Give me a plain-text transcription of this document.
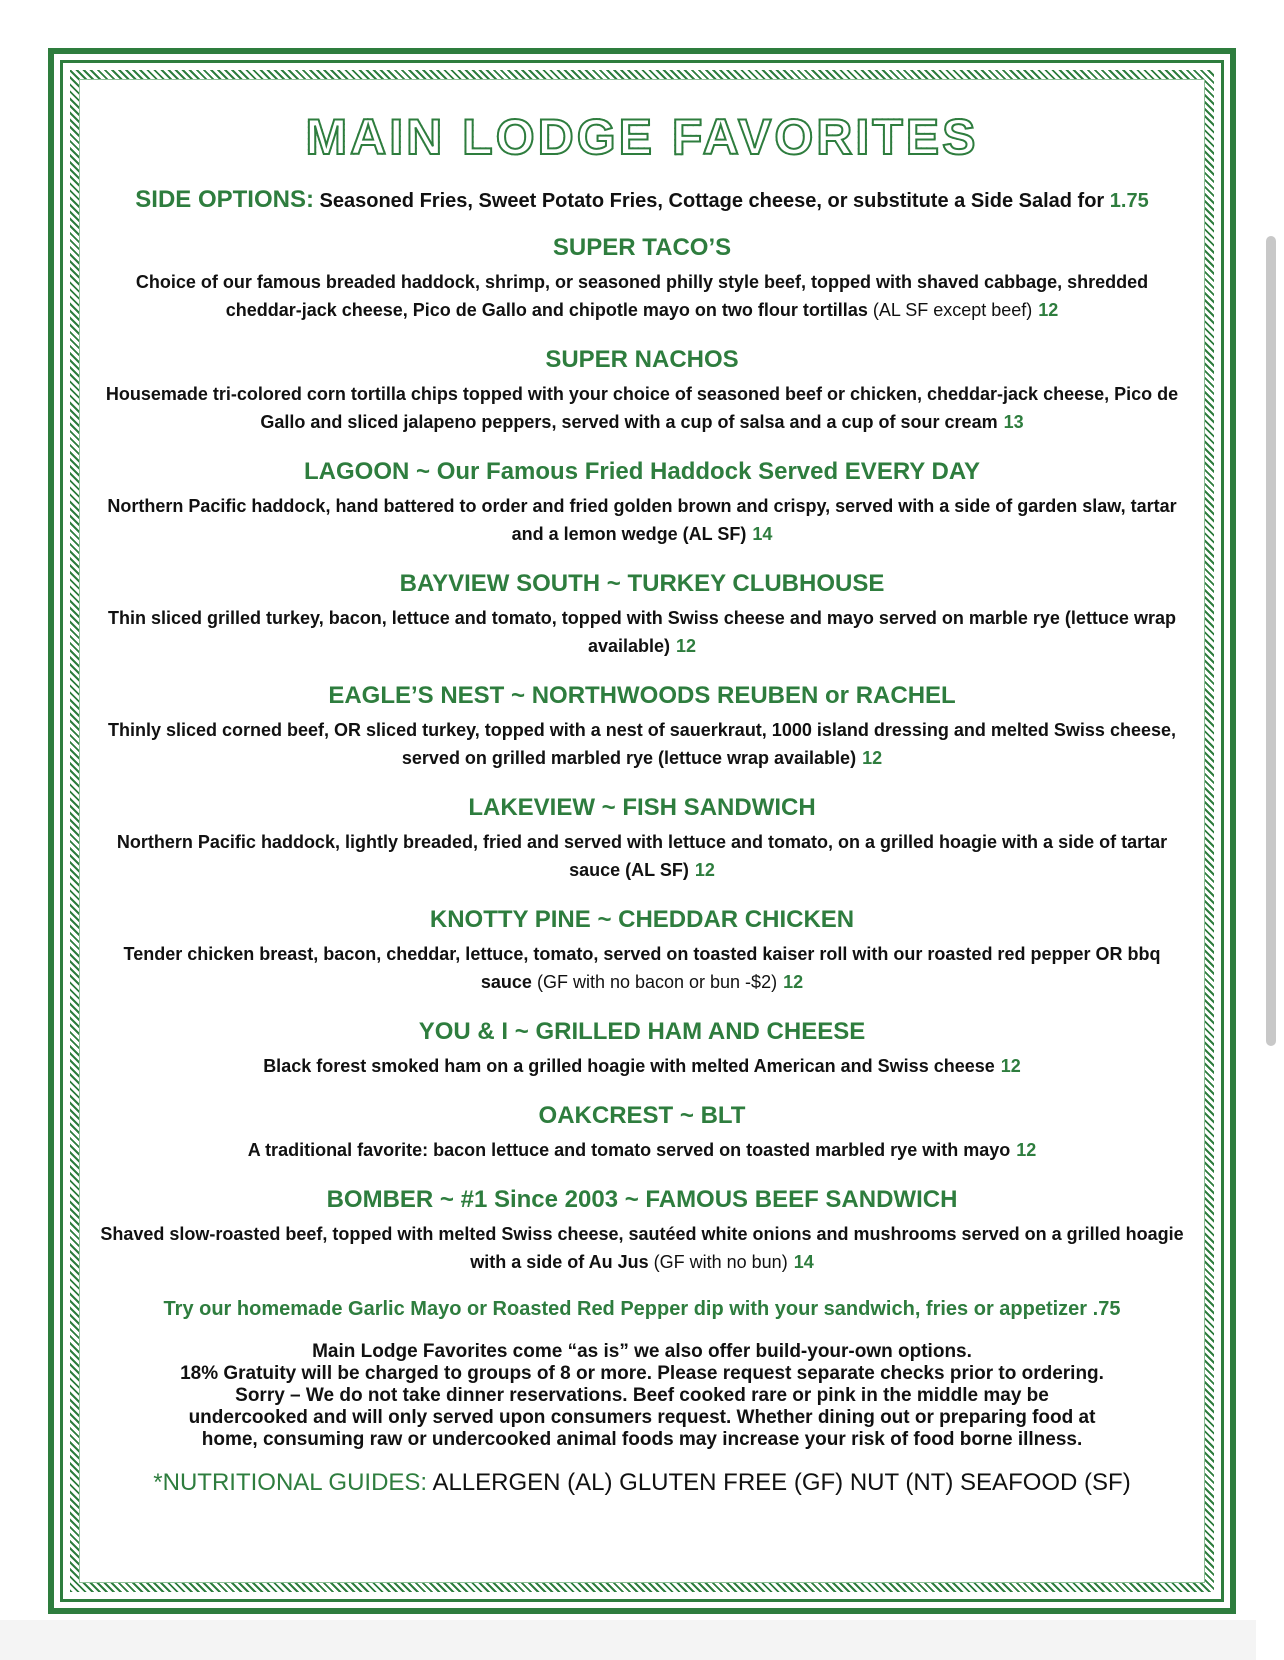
MAIN LODGE FAVORITES
SIDE OPTIONS: Seasoned Fries, Sweet Potato Fries, Cottage cheese, or substitute a Side Salad for 1.75
SUPER TACO’S

Choice of our famous breaded haddock, shrimp, or seasoned philly style beef, topped with shaved cabbage, shredded cheddar-jack cheese, Pico de Gallo and chipotle mayo on two flour tortillas (AL SF except beef) 12

SUPER NACHOS

Housemade tri-colored corn tortilla chips topped with your choice of seasoned beef or chicken, cheddar-jack cheese, Pico de Gallo and sliced jalapeno peppers, served with a cup of salsa and a cup of sour cream 13

LAGOON ~ Our Famous Fried Haddock Served EVERY DAY

Northern Pacific haddock, hand battered to order and fried golden brown and crispy, served with a side of garden slaw, tartar and a lemon wedge (AL SF) 14

BAYVIEW SOUTH ~ TURKEY CLUBHOUSE

Thin sliced grilled turkey, bacon, lettuce and tomato, topped with Swiss cheese and mayo served on marble rye (lettuce wrap available) 12

EAGLE’S NEST ~ NORTHWOODS REUBEN or RACHEL

Thinly sliced corned beef, OR sliced turkey, topped with a nest of sauerkraut, 1000 island dressing and melted Swiss cheese, served on grilled marbled rye (lettuce wrap available) 12

LAKEVIEW ~ FISH SANDWICH

Northern Pacific haddock, lightly breaded, fried and served with lettuce and tomato, on a grilled hoagie with a side of tartar sauce (AL SF) 12

KNOTTY PINE ~ CHEDDAR CHICKEN

Tender chicken breast, bacon, cheddar, lettuce, tomato, served on toasted kaiser roll with our roasted red pepper OR bbq sauce (GF with no bacon or bun -$2) 12

YOU & I ~ GRILLED HAM AND CHEESE

Black forest smoked ham on a grilled hoagie with melted American and Swiss cheese 12

OAKCREST ~ BLT

A traditional favorite: bacon lettuce and tomato served on toasted marbled rye with mayo 12

BOMBER ~ #1 Since 2003 ~ FAMOUS BEEF SANDWICH

Shaved slow-roasted beef, topped with melted Swiss cheese, sautéed white onions and mushrooms served on a grilled hoagie with a side of Au Jus (GF with no bun) 14

Try our homemade Garlic Mayo or Roasted Red Pepper dip with your sandwich, fries or appetizer .75
Main Lodge Favorites come “as is” we also offer build-your-own options.
18% Gratuity will be charged to groups of 8 or more. Please request separate checks prior to ordering.
Sorry – We do not take dinner reservations. Beef cooked rare or pink in the middle may be
undercooked and will only served upon consumers request. Whether dining out or preparing food at
home, consuming raw or undercooked animal foods may increase your risk of food borne illness.
*NUTRITIONAL GUIDES: ALLERGEN (AL) GLUTEN FREE (GF) NUT (NT) SEAFOOD (SF)
